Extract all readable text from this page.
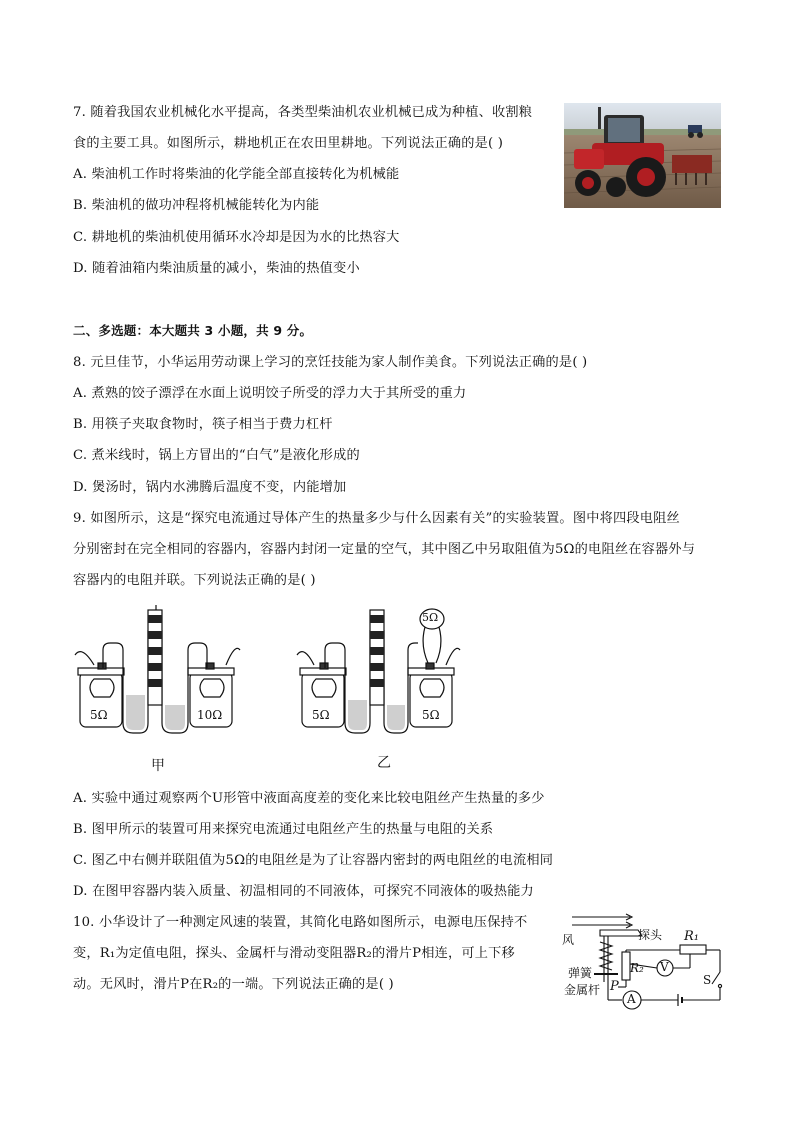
7. 随着我国农业机械化水平提高，各类型柴油机农业机械已成为种植、收割粮
食的主要工具。如图所示，耕地机正在农田里耕地。下列说法正确的是( )
A. 柴油机工作时将柴油的化学能全部直接转化为机械能
B. 柴油机的做功冲程将机械能转化为内能
C. 耕地机的柴油机使用循环水冷却是因为水的比热容大
D. 随着油箱内柴油质量的减小，柴油的热值变小
二、多选题：本大题共 3 小题，共 9 分。
8. 元旦佳节，小华运用劳动课上学习的烹饪技能为家人制作美食。下列说法正确的是( )
A. 煮熟的饺子漂浮在水面上说明饺子所受的浮力大于其所受的重力
B. 用筷子夹取食物时，筷子相当于费力杠杆
C. 煮米线时，锅上方冒出的“白气”是液化形成的
D. 煲汤时，锅内水沸腾后温度不变，内能增加
9. 如图所示，这是“探究电流通过导体产生的热量多少与什么因素有关”的实验装置。图中将四段电阻丝
分别密封在完全相同的容器内，容器内封闭一定量的空气，其中图乙中另取阻值为5Ω的电阻丝在容器外与
容器内的电阻并联。下列说法正确的是( )
5Ω	10Ω
甲
5Ω
5Ω	5Ω
乙
A. 实验中通过观察两个U形管中液面高度差的变化来比较电阻丝产生热量的多少
B. 图甲所示的装置可用来探究电流通过电阻丝产生的热量与电阻的关系
C. 图乙中右侧并联阻值为5Ω的电阻丝是为了让容器内密封的两电阻丝的电流相同
D. 在图甲容器内装入质量、初温相同的不同液体，可探究不同液体的吸热能力
10. 小华设计了一种测定风速的装置，其简化电路如图所示，电源电压保持不
变，R₁为定值电阻，探头、金属杆与滑动变阻器R₂的滑片P相连，可上下移
动。无风时，滑片P在R₂的一端。下列说法正确的是( )
风	探头 R₁
弹簧	R₂ V
S
金属杆 P
A
